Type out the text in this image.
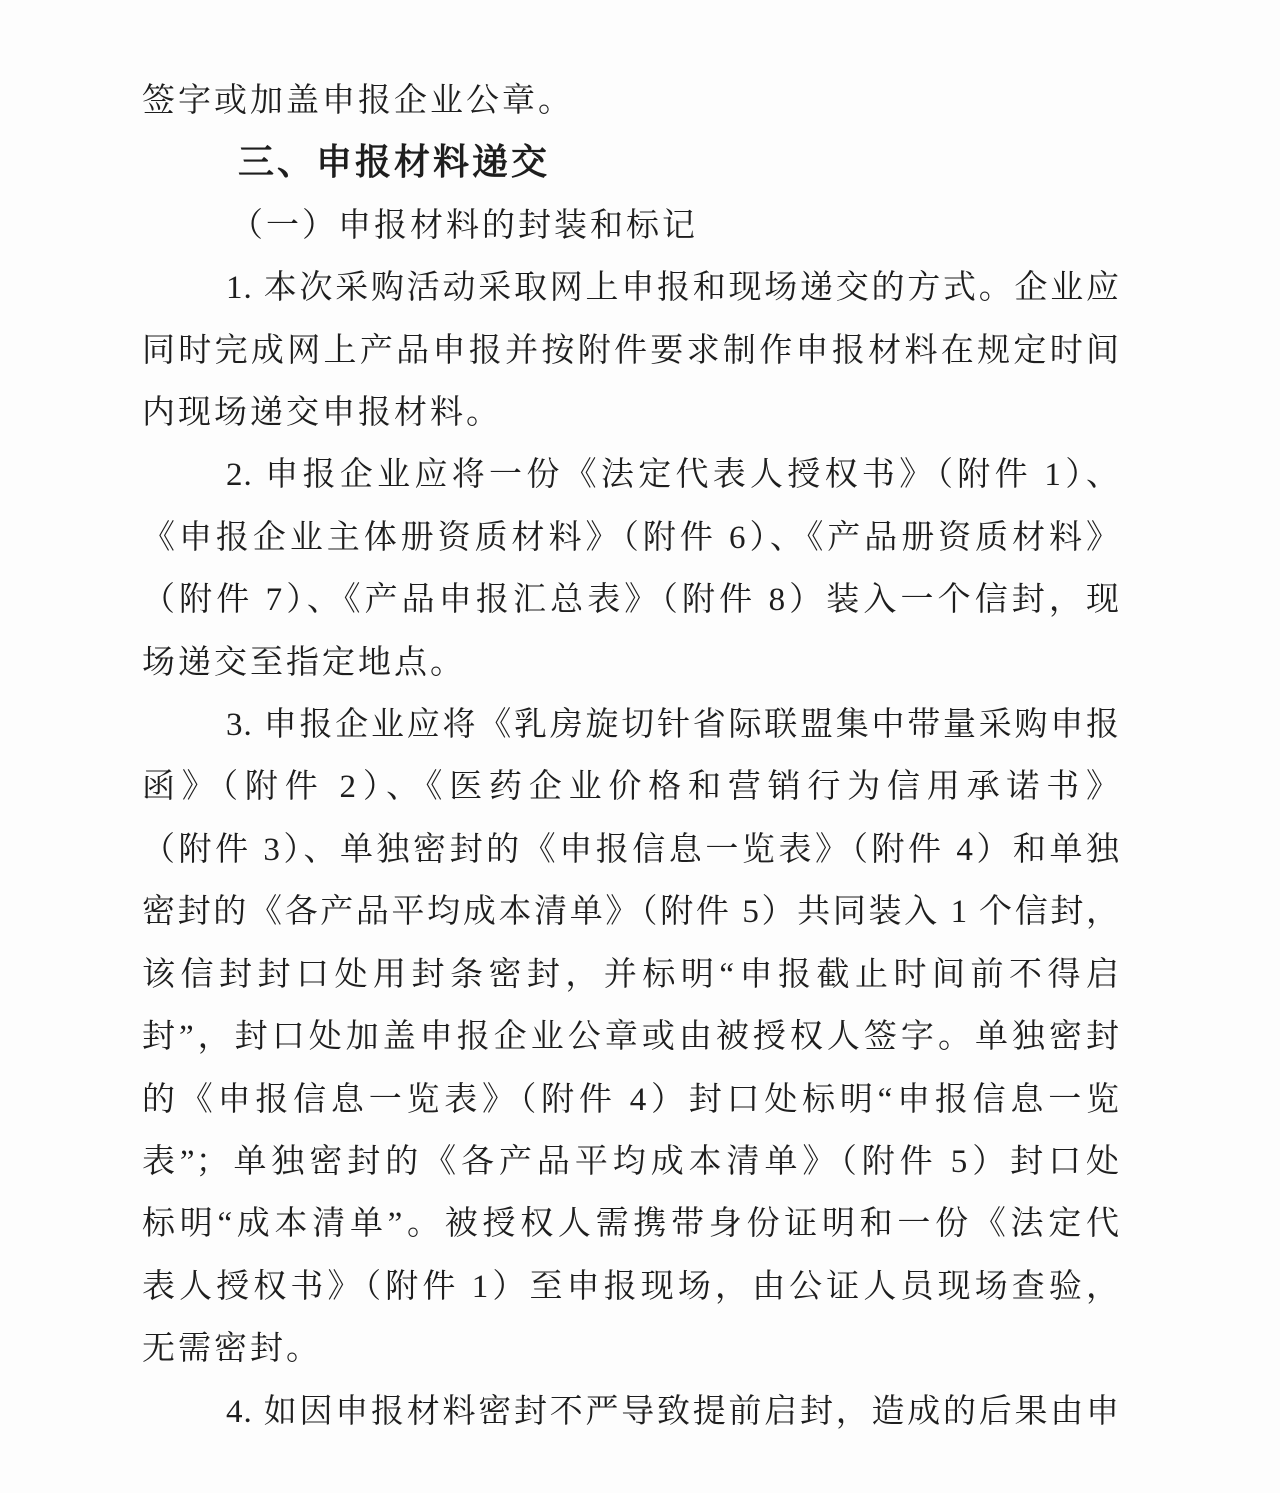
签字或加盖申报企业公章。
三、申报材料递交
（一）申报材料的封装和标记
1. 本次采购活动采取网上申报和现场递交的方式。企业应
同时完成网上产品申报并按附件要求制作申报材料在规定时间
内现场递交申报材料。
2. 申报企业应将一份《法定代表人授权书》（附件 1）、
《申报企业主体册资质材料》（附件 6）、《产品册资质材料》
（附件 7）、《产品申报汇总表》（附件 8）装入一个信封，现
场递交至指定地点。
3. 申报企业应将《乳房旋切针省际联盟集中带量采购申报
函》（附件 2）、《医药企业价格和营销行为信用承诺书》
（附件 3）、单独密封的《申报信息一览表》（附件 4）和单独
密封的《各产品平均成本清单》（附件 5）共同装入 1 个信封，
该信封封口处用封条密封，并标明“申报截止时间前不得启
封”，封口处加盖申报企业公章或由被授权人签字。单独密封
的《申报信息一览表》（附件 4）封口处标明“申报信息一览
表”；单独密封的《各产品平均成本清单》（附件 5）封口处
标明“成本清单”。被授权人需携带身份证明和一份《法定代
表人授权书》（附件 1）至申报现场，由公证人员现场查验，
无需密封。
4. 如因申报材料密封不严导致提前启封，造成的后果由申
